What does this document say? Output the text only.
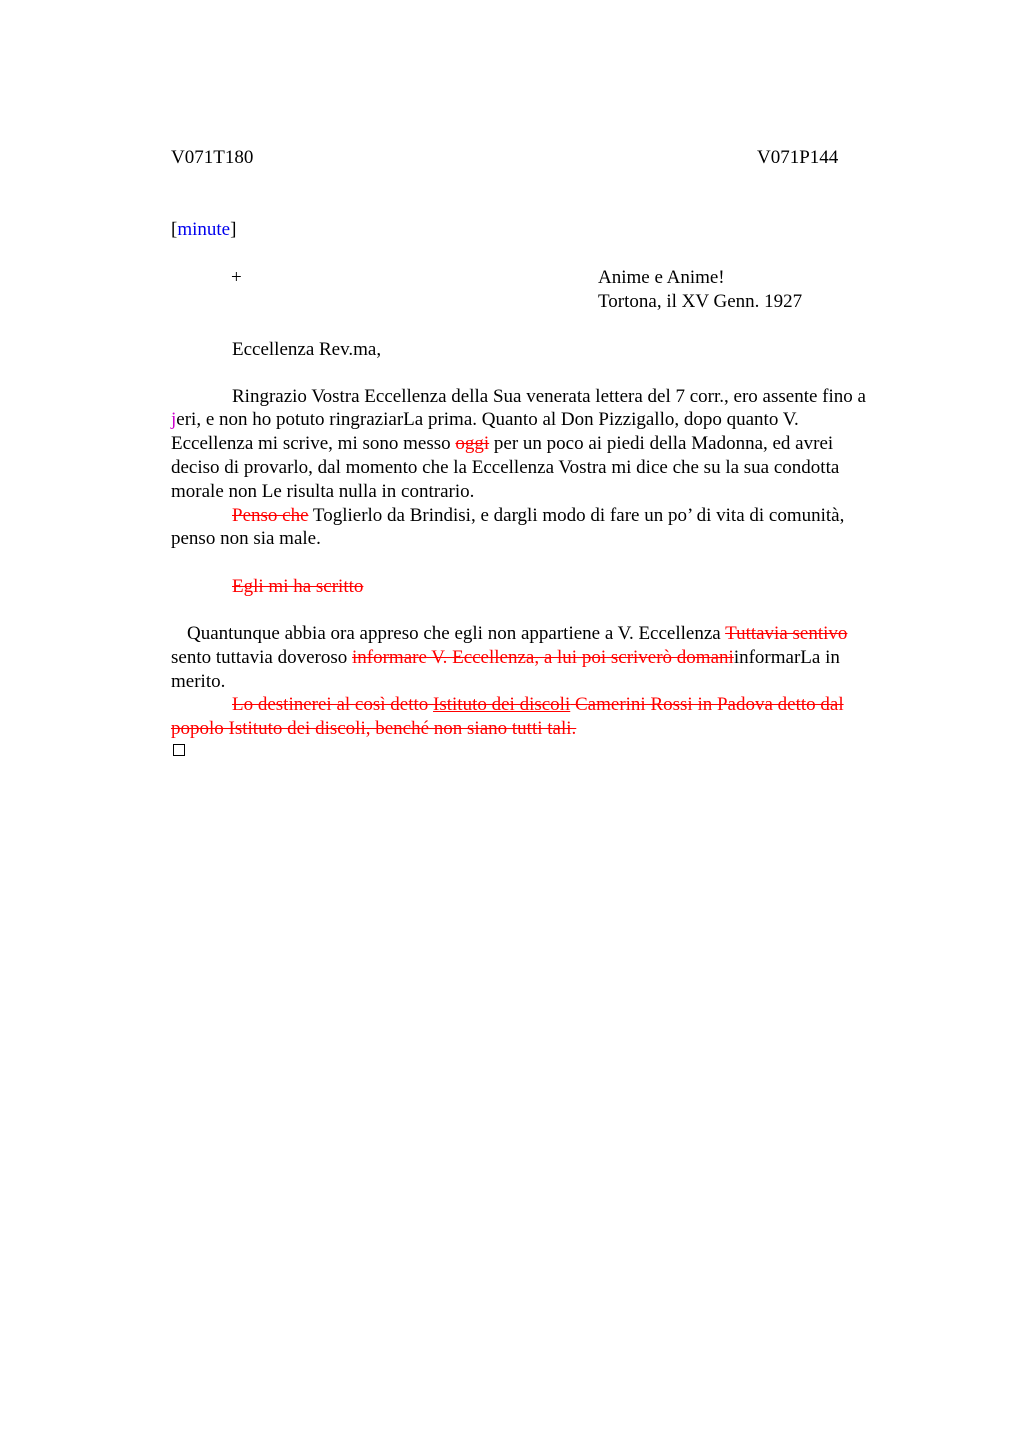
V071T180	V071P144
[minute]
+	Anime e Anime!
Tortona, il XV Genn. 1927
Eccellenza Rev.ma,
Ringrazio Vostra Eccellenza della Sua venerata lettera del 7 corr., ero assente fino a
jeri, e non ho potuto ringraziarLa prima. Quanto al Don Pizzigallo, dopo quanto V.
Eccellenza mi scrive, mi sono messo oggi per un poco ai piedi della Madonna, ed avrei
deciso di provarlo, dal momento che la Eccellenza Vostra mi dice che su la sua condotta
morale non Le risulta nulla in contrario.
Penso che Toglierlo da Brindisi, e dargli modo di fare un po’ di vita di comunità,
penso non sia male.
Egli mi ha scritto
Quantunque abbia ora appreso che egli non appartiene a V. Eccellenza Tuttavia sentivo
sento tuttavia doveroso informare V. Eccellenza, a lui poi scriverò domaniinformarLa in
merito.
Lo destinerei al così detto Istituto dei discoli Camerini Rossi in Padova detto dal
popolo Istituto dei discoli, benché non siano tutti tali.
